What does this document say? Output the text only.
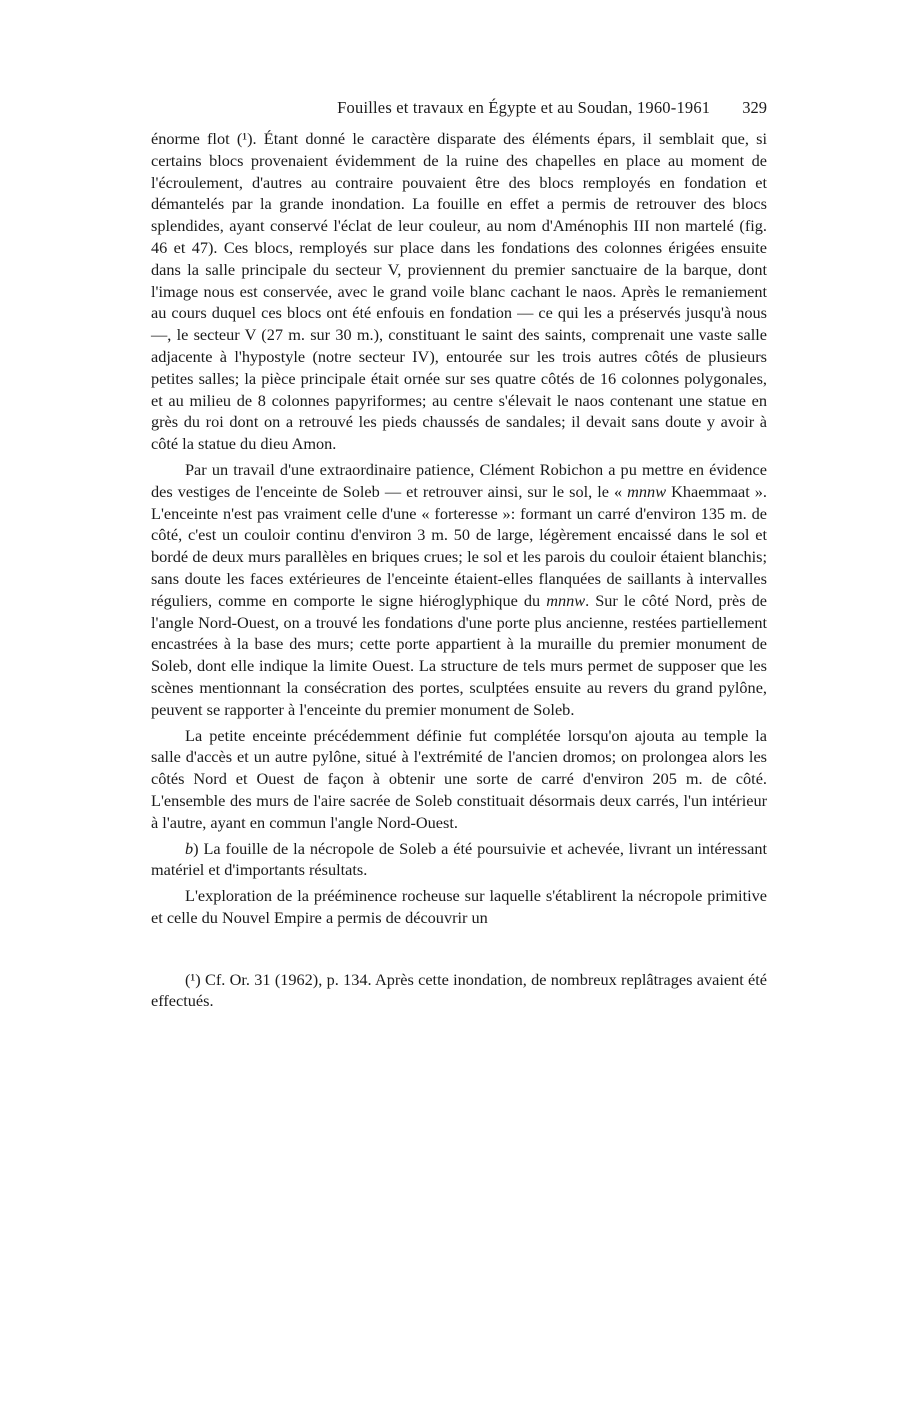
Fouilles et travaux en Égypte et au Soudan, 1960-1961 329

énorme flot (¹). Étant donné le caractère disparate des éléments épars, il semblait que, si certains blocs provenaient évidemment de la ruine des chapelles en place au moment de l'écroulement, d'autres au contraire pouvaient être des blocs remployés en fondation et démantelés par la grande inondation. La fouille en effet a permis de retrouver des blocs splendides, ayant conservé l'éclat de leur couleur, au nom d'Aménophis III non martelé (fig. 46 et 47). Ces blocs, remployés sur place dans les fondations des colonnes érigées ensuite dans la salle principale du secteur V, proviennent du premier sanctuaire de la barque, dont l'image nous est conservée, avec le grand voile blanc cachant le naos. Après le remaniement au cours duquel ces blocs ont été enfouis en fondation — ce qui les a préservés jusqu'à nous —, le secteur V (27 m. sur 30 m.), constituant le saint des saints, comprenait une vaste salle adjacente à l'hypostyle (notre secteur IV), entourée sur les trois autres côtés de plusieurs petites salles; la pièce principale était ornée sur ses quatre côtés de 16 colonnes polygonales, et au milieu de 8 colonnes papyriformes; au centre s'élevait le naos contenant une statue en grès du roi dont on a retrouvé les pieds chaussés de sandales; il devait sans doute y avoir à côté la statue du dieu Amon.

Par un travail d'une extraordinaire patience, Clément Robichon a pu mettre en évidence des vestiges de l'enceinte de Soleb — et retrouver ainsi, sur le sol, le « mnnw Khaemmaat ». L'enceinte n'est pas vraiment celle d'une « forteresse »: formant un carré d'environ 135 m. de côté, c'est un couloir continu d'environ 3 m. 50 de large, légèrement encaissé dans le sol et bordé de deux murs parallèles en briques crues; le sol et les parois du couloir étaient blanchis; sans doute les faces extérieures de l'enceinte étaient-elles flanquées de saillants à intervalles réguliers, comme en comporte le signe hiéroglyphique du mnnw. Sur le côté Nord, près de l'angle Nord-Ouest, on a trouvé les fondations d'une porte plus ancienne, restées partiellement encastrées à la base des murs; cette porte appartient à la muraille du premier monument de Soleb, dont elle indique la limite Ouest. La structure de tels murs permet de supposer que les scènes mentionnant la consécration des portes, sculptées ensuite au revers du grand pylône, peuvent se rapporter à l'enceinte du premier monument de Soleb.

La petite enceinte précédemment définie fut complétée lorsqu'on ajouta au temple la salle d'accès et un autre pylône, situé à l'extrémité de l'ancien dromos; on prolongea alors les côtés Nord et Ouest de façon à obtenir une sorte de carré d'environ 205 m. de côté. L'ensemble des murs de l'aire sacrée de Soleb constituait désormais deux carrés, l'un intérieur à l'autre, ayant en commun l'angle Nord-Ouest.

b) La fouille de la nécropole de Soleb a été poursuivie et achevée, livrant un intéressant matériel et d'importants résultats.

L'exploration de la prééminence rocheuse sur laquelle s'établirent la nécropole primitive et celle du Nouvel Empire a permis de découvrir un

(¹) Cf. Or. 31 (1962), p. 134. Après cette inondation, de nombreux replâtrages avaient été effectués.
